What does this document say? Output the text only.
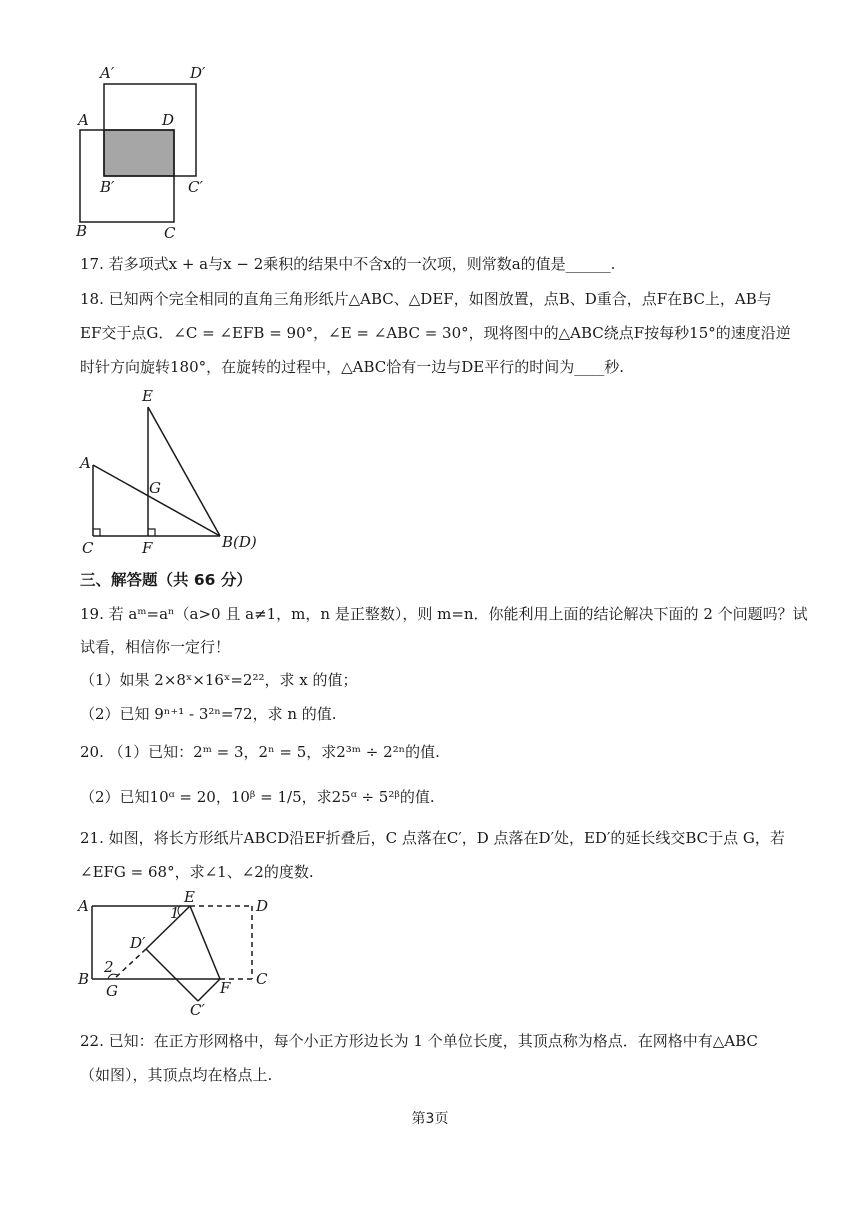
A′	D′
A	D
B′	C′
B	C
17. 若多项式x + a与x − 2乘积的结果中不含x的一次项，则常数a的值是______.
18. 已知两个完全相同的直角三角形纸片△ABC、△DEF，如图放置，点B、D重合，点F在BC上，AB与
EF交于点G．∠C = ∠EFB = 90°，∠E = ∠ABC = 30°，现将图中的△ABC绕点F按每秒15°的速度沿逆
时针方向旋转180°，在旋转的过程中，△ABC恰有一边与DE平行的时间为____秒.
E
A
G
C	F	B(D)
三、解答题（共 66 分）
19. 若 aᵐ=aⁿ（a>0 且 a≠1，m，n 是正整数），则 m=n．你能利用上面的结论解决下面的 2 个问题吗？试
试看，相信你一定行！
（1）如果 2×8ˣ×16ˣ=2²²，求 x 的值；
（2）已知 9ⁿ⁺¹ - 3²ⁿ=72，求 n 的值.
20. （1）已知：2ᵐ = 3，2ⁿ = 5，求2³ᵐ ÷ 2²ⁿ的值.
（2）已知10ᵅ = 20，10ᵝ = 1/5，求25ᵅ ÷ 5²ᵝ的值.
21. 如图，将长方形纸片ABCD沿EF折叠后，C 点落在C′，D 点落在D′处，ED′的延长线交BC于点 G，若
∠EFG = 68°，求∠1、∠2的度数.
A	E	D
1
D′
2
B
G	F C
C′
22. 已知：在正方形网格中，每个小正方形边长为 1 个单位长度，其顶点称为格点．在网格中有△ABC
（如图），其顶点均在格点上.
第3页
